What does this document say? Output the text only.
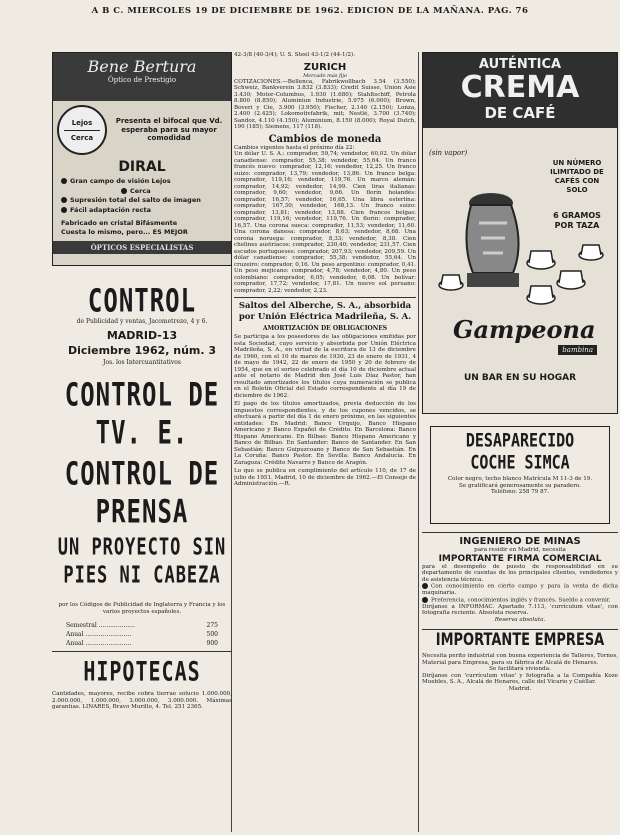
A B C. MIERCOLES 19 DE DICIEMBRE DE 1962. EDICION DE LA MAÑANA. PAG. 76
Bene Bertura
Óptico de Prestigio
Lejos
Cerca
Presenta el bifocal que Vd. esperaba para su mayor comodidad
DIRAL
Gran campo de visión Lejos
Cerca
Supresión total del salto de imagen
Fácil adaptación recta
Fabricado en cristal Bifásmente
Cuesta lo mismo, pero... ES MEJOR
ÓPTICOS ESPECIALISTAS
CONTROL
de Publicidad y ventas, Jacometrezo, 4 y 6.
MADRID-13
Diciembre 1962, núm. 3
Jos. los Intercuantitativos
CONTROL DE TV. E.
CONTROL DE PRENSA
UN PROYECTO SIN PIES NI CABEZA
por los Códigos de Publicidad de Inglaterra y Francia y los varios proyectos españoles.
Semestral ...................	275
Anual ........................	500
Anual ........................	900
HIPOTECAS
Cantidades, mayores, recibe cobra tierrae solucio 1.000.000, 2.000.000, 1.000.000, 3.000.000, 3.000.000. Máximas garantías. LINARES, Bravo Murillo, 4. Tel. 251 2365.
42-3/8 (40-3/4); U. S. Steel 43-1/2 (44-1/2).
ZURICH
Mercado más fijo
COTIZACIONES.—Bellenca, Fabrikwollbach 3.54 (3.550); Schweiz, Bankverein 3.832 (3.833); Credit Suisse, Union Asie 3.430; Motor-Columbus, 1.930 (1.680); Stahltschiff, Petrola 8.800 (8.850); Aluminiun Industrie, 5.975 (6.000); Brown, Boveri y Cie, 3.900 (3.950); Fischer, 2.140 (2.150); Lonza, 2.400 (2.425); Lokomotivfabrik, mit; Nestlé, 3.700 (3.740); Sandoz, 4.110 (4.150); Aluminium, 8.150 (8.000); Royal Dutch, 190 (185); Siemens, 117 (118).
Cambios de moneda
Cambios vigentes hasta el próximo día 22:
Un dólar U. S. A.: comprador, 59,74; vendedor, 60,02. Un dólar canadiense: comprador, 55,38; vendedor, 55,64. Un franco francés nuevo: comprador, 12,16; vendedor, 12,25. Un franco suizo: comprador, 13,79; vendedor, 13,86. Un franco belga: comprador, 119,16; vendedor, 119,76. Un marco alemán: comprador, 14,92; vendedor, 14,99. Cien liras italianas: comprador, 9,60; vendedor, 9,66. Un florín holandés: comprador, 16,57; vendedor, 16,65. Una libra esterlina: comprador, 167,30; vendedor, 168,13. Un franco suizo: comprador, 13,81; vendedor, 13,88. Cien francos belgas: comprador, 119,16; vendedor, 119,76. Un florín: comprador, 16,57. Una corona sueca: comprador, 11,53; vendedor, 11,60. Una corona danesa: comprador, 8,63; vendedor, 8,68. Una corona noruega: comprador, 8,33; vendedor, 8,38. Cien chelines austríacos: comprador, 230,40; vendedor, 231,57. Cien escudos portugueses: comprador, 207,93; vendedor, 209,59. Un dólar canadiense: comprador, 55,38; vendedor, 55,64. Un cruzeiro: comprador, 0,16. Un peso argentino: comprador, 0,41. Un peso mejicano: comprador, 4,78; vendedor, 4,80. Un peso colombiano: comprador, 6,05; vendedor, 6,08. Un bolívar: comprador, 17,72; vendedor, 17,81. Un nuevo sol peruano: comprador, 2,22; vendedor, 2,23.
Saltos del Alberche, S. A., absorbida por Unión Eléctrica Madrileña, S. A.
AMORTIZACIÓN DE OBLIGACIONES
Se participa a los poseedores de las obligaciones emitidas por esta Sociedad, cuyo servicio y absorbida por Unión Eléctrica Madrileña, S. A., en virtud de la escritura de 13 de diciembre de 1960, con el 10 de marzo de 1930, 23 de enero de 1931, 4 de mayo de 1942, 22 de enero de 1950 y 20 de febrero de 1954, que en el sorteo celebrado el día 10 de diciembre actual ante el notario de Madrid don José Luis Díaz Pastor, han resultado amortizados los títulos cuya numeración se publica en el Boletín Oficial del Estado correspondiente al día 19 de diciembre de 1962.
El pago de los títulos amortizados, previa deducción de los impuestos correspondientes, y de los cupones vencidos, se efectuará a partir del día 1 de enero próximo, en las siguientes entidades: En Madrid: Banco Urquijo, Banco Hispano Americano y Banco Español de Crédito. En Barcelona: Banco Hispano Americano. En Bilbao: Banco Hispano Americano y Banco de Bilbao. En Santander: Banco de Santander. En San Sebastián: Banco Guipuzcoano y Banco de San Sebastián. En La Coruña: Banco Pastor. En Sevilla: Banco Andalucía. En Zaragoza: Crédito Navarro y Banco de Aragón.
Lo que se publica en cumplimiento del artículo 110, de 17 de julio de 1951. Madrid, 10 de diciembre de 1962.—El Consejo de Administración.—R.
AUTÉNTICA
CREMA
DE CAFÉ
(sin vapor)
UN NÚMERO ILIMITADO DE CAFÉS CON SOLO
6 GRAMOS POR TAZA
Gampeona
bambina
UN BAR EN SU HOGAR
DESAPARECIDO
COCHE SIMCA
Color negro, techo blanco Matrícula M 11-3 de 19.
Se gratificará generosamente su paradero.
Teléfono: 258 79 87.
INGENIERO DE MINAS
para residir en Madrid, necesita
IMPORTANTE FIRMA COMERCIAL
para el desempeño de puesto de responsabilidad en su departamento de cuentas de los principales clientes, vendedores y de asistencia técnica.
Con conocimiento en cierto campo y para la venta de dicha maquinaria.
Preferencia, conocimientos inglés y francés. Sueldo a convenir.
Diríjanse a INFORMAC. Apartado 7.113, 'currículum vitae', con fotografía reciente. Absoluta reserva.
Reserva absoluta.
IMPORTANTE EMPRESA
Necesita perito industrial con buena experiencia de Talleres, Tornos, Material para Empresa, para su fábrica de Alcalá de Henares.
Se facilitará vivienda.
Diríjanse con 'currículum vitae' y fotografía a la Compañía Koze Muebles, S. A., Alcalá de Henares, calle del Vicario y Cuéllar.
Madrid.
